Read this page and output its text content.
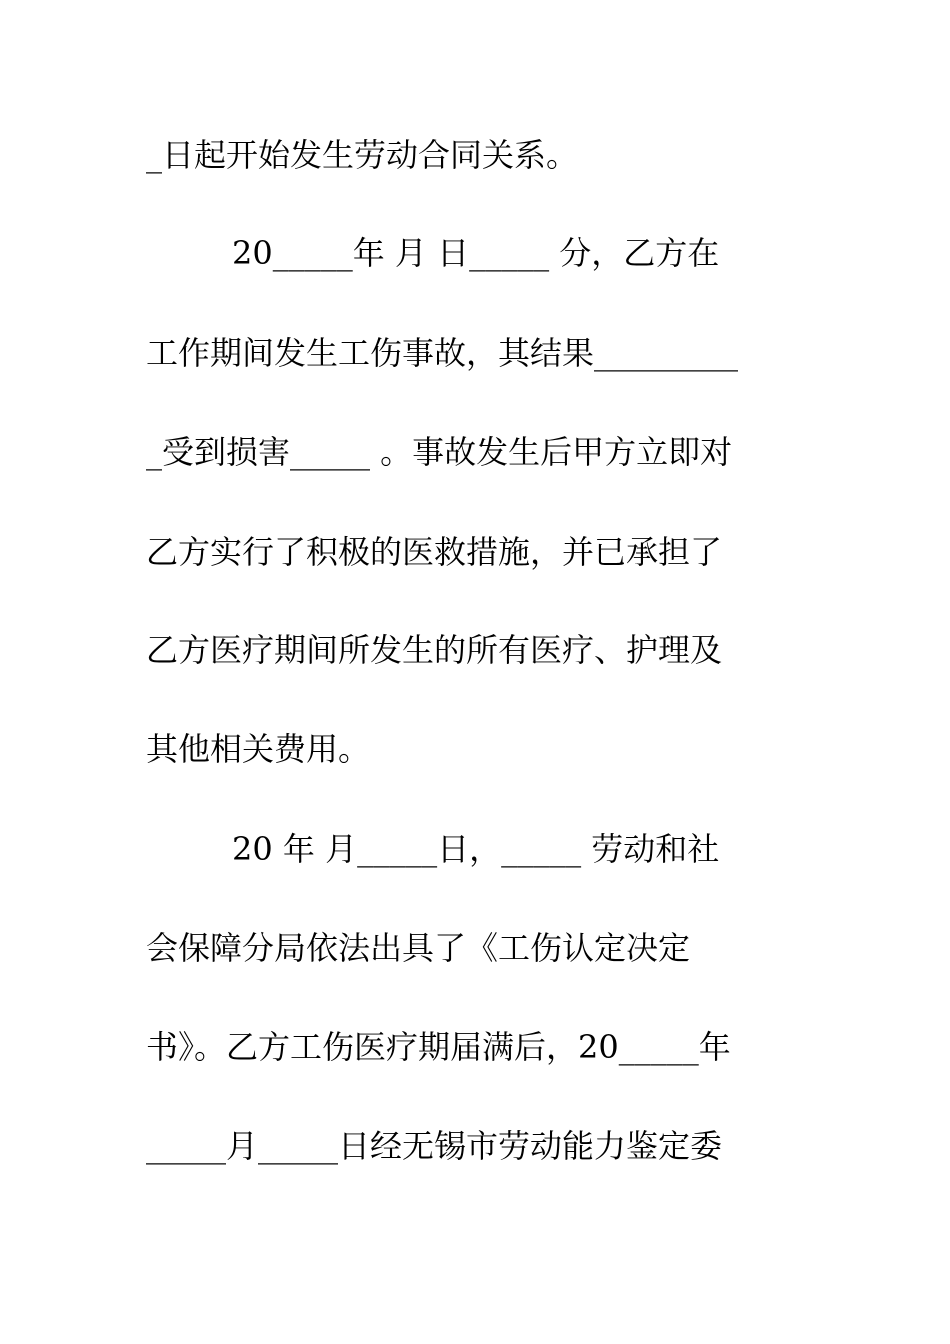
_日起开始发生劳动合同关系。
20_____年 月 日_____ 分，乙方在
工作期间发生工伤事故，其结果_________
_受到损害_____ 。事故发生后甲方立即对
乙方实行了积极的医救措施，并已承担了
乙方医疗期间所发生的所有医疗、护理及
其他相关费用。
20 年 月_____日，_____ 劳动和社
会保障分局依法出具了《工伤认定决定
书》。乙方工伤医疗期届满后，20_____年
_____月_____日经无锡市劳动能力鉴定委
